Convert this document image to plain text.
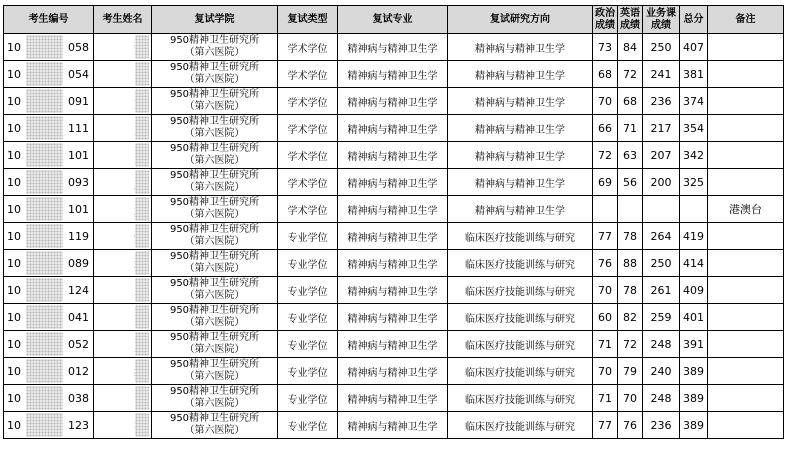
考生编号	考生姓名	复试学院	复试类型	复试专业	复试研究方向	政治成绩	英语成绩	业务课成绩	总分	备注

10 058		950精神卫生研究所
（第六医院）	学术学位	精神病与精神卫生学	精神病与精神卫生学	73	84	250	407	

10 054		950精神卫生研究所
（第六医院）	学术学位	精神病与精神卫生学	精神病与精神卫生学	68	72	241	381	

10 091		950精神卫生研究所
（第六医院）	学术学位	精神病与精神卫生学	精神病与精神卫生学	70	68	236	374	

10 111		950精神卫生研究所
（第六医院）	学术学位	精神病与精神卫生学	精神病与精神卫生学	66	71	217	354	

10 101		950精神卫生研究所
（第六医院）	学术学位	精神病与精神卫生学	精神病与精神卫生学	72	63	207	342	

10 093		950精神卫生研究所
（第六医院）	学术学位	精神病与精神卫生学	精神病与精神卫生学	69	56	200	325	

10 101		950精神卫生研究所
（第六医院）	学术学位	精神病与精神卫生学	精神病与精神卫生学					港澳台

10 119		950精神卫生研究所
（第六医院）	专业学位	精神病与精神卫生学	临床医疗技能训练与研究	77	78	264	419	

10 089		950精神卫生研究所
（第六医院）	专业学位	精神病与精神卫生学	临床医疗技能训练与研究	76	88	250	414	

10 124		950精神卫生研究所
（第六医院）	专业学位	精神病与精神卫生学	临床医疗技能训练与研究	70	78	261	409	

10 041		950精神卫生研究所
（第六医院）	专业学位	精神病与精神卫生学	临床医疗技能训练与研究	60	82	259	401	

10 052		950精神卫生研究所
（第六医院）	专业学位	精神病与精神卫生学	临床医疗技能训练与研究	71	72	248	391	

10 012		950精神卫生研究所
（第六医院）	专业学位	精神病与精神卫生学	临床医疗技能训练与研究	70	79	240	389	

10 038		950精神卫生研究所
（第六医院）	专业学位	精神病与精神卫生学	临床医疗技能训练与研究	71	70	248	389	

10 123		950精神卫生研究所
（第六医院）	专业学位	精神病与精神卫生学	临床医疗技能训练与研究	77	76	236	389	
